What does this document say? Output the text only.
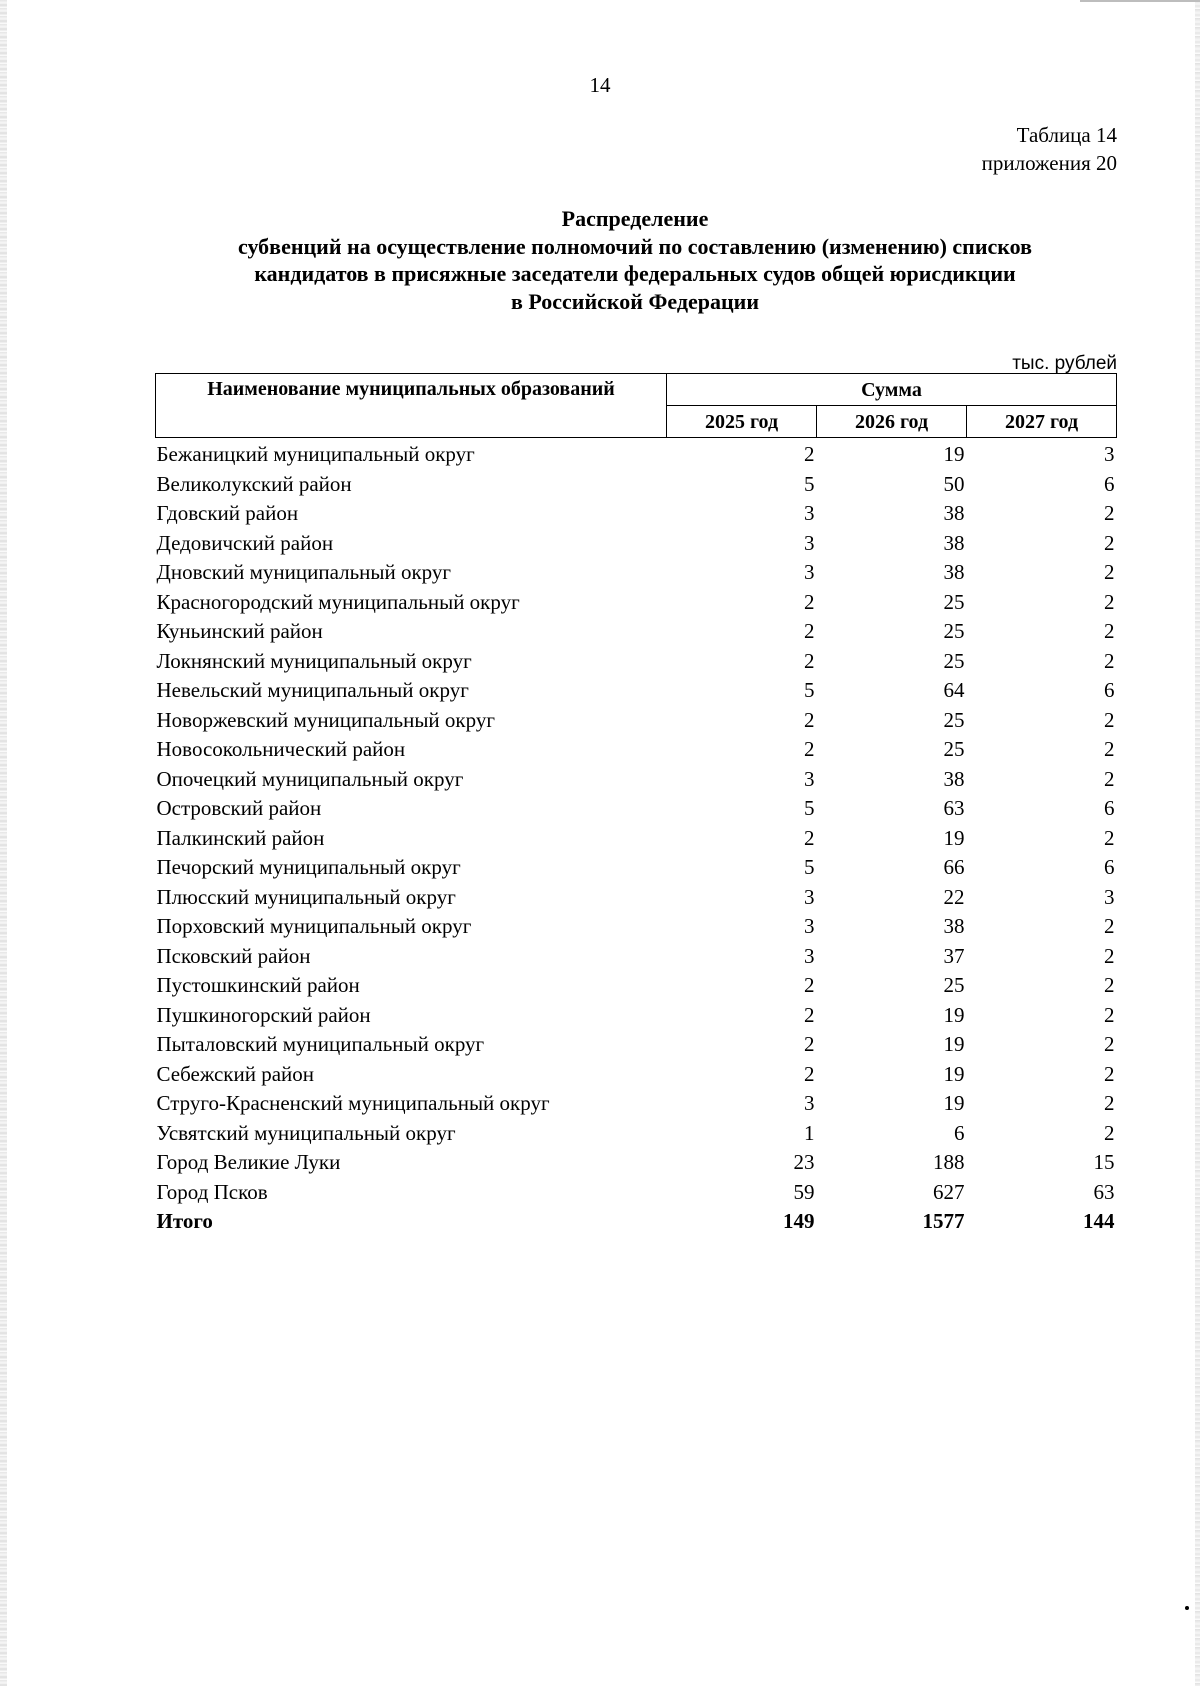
14
Таблица 14
приложения 20
Распределение
субвенций на осуществление полномочий по составлению (изменению) списков
кандидатов в присяжные заседатели федеральных судов общей юрисдикции
в Российской Федерации
тыс. рублей
Наименование муниципальных образований	Сумма		
	2025 год	2026 год	2027 год
Бежаницкий муниципальный округ	2	19	3
Великолукский район	5	50	6
Гдовский район	3	38	2
Дедовичский район	3	38	2
Дновский муниципальный округ	3	38	2
Красногородский муниципальный округ	2	25	2
Куньинский район	2	25	2
Локнянский муниципальный округ	2	25	2
Невельский муниципальный округ	5	64	6
Новоржевский муниципальный округ	2	25	2
Новосокольнический район	2	25	2
Опочецкий муниципальный округ	3	38	2
Островский район	5	63	6
Палкинский район	2	19	2
Печорский муниципальный округ	5	66	6
Плюсский муниципальный округ	3	22	3
Порховский муниципальный округ	3	38	2
Псковский район	3	37	2
Пустошкинский район	2	25	2
Пушкиногорский район	2	19	2
Пыталовский муниципальный округ	2	19	2
Себежский район	2	19	2
Струго-Красненский муниципальный округ	3	19	2
Усвятский муниципальный округ	1	6	2
Город Великие Луки	23	188	15
Город Псков	59	627	63
Итого	149	1577	144
